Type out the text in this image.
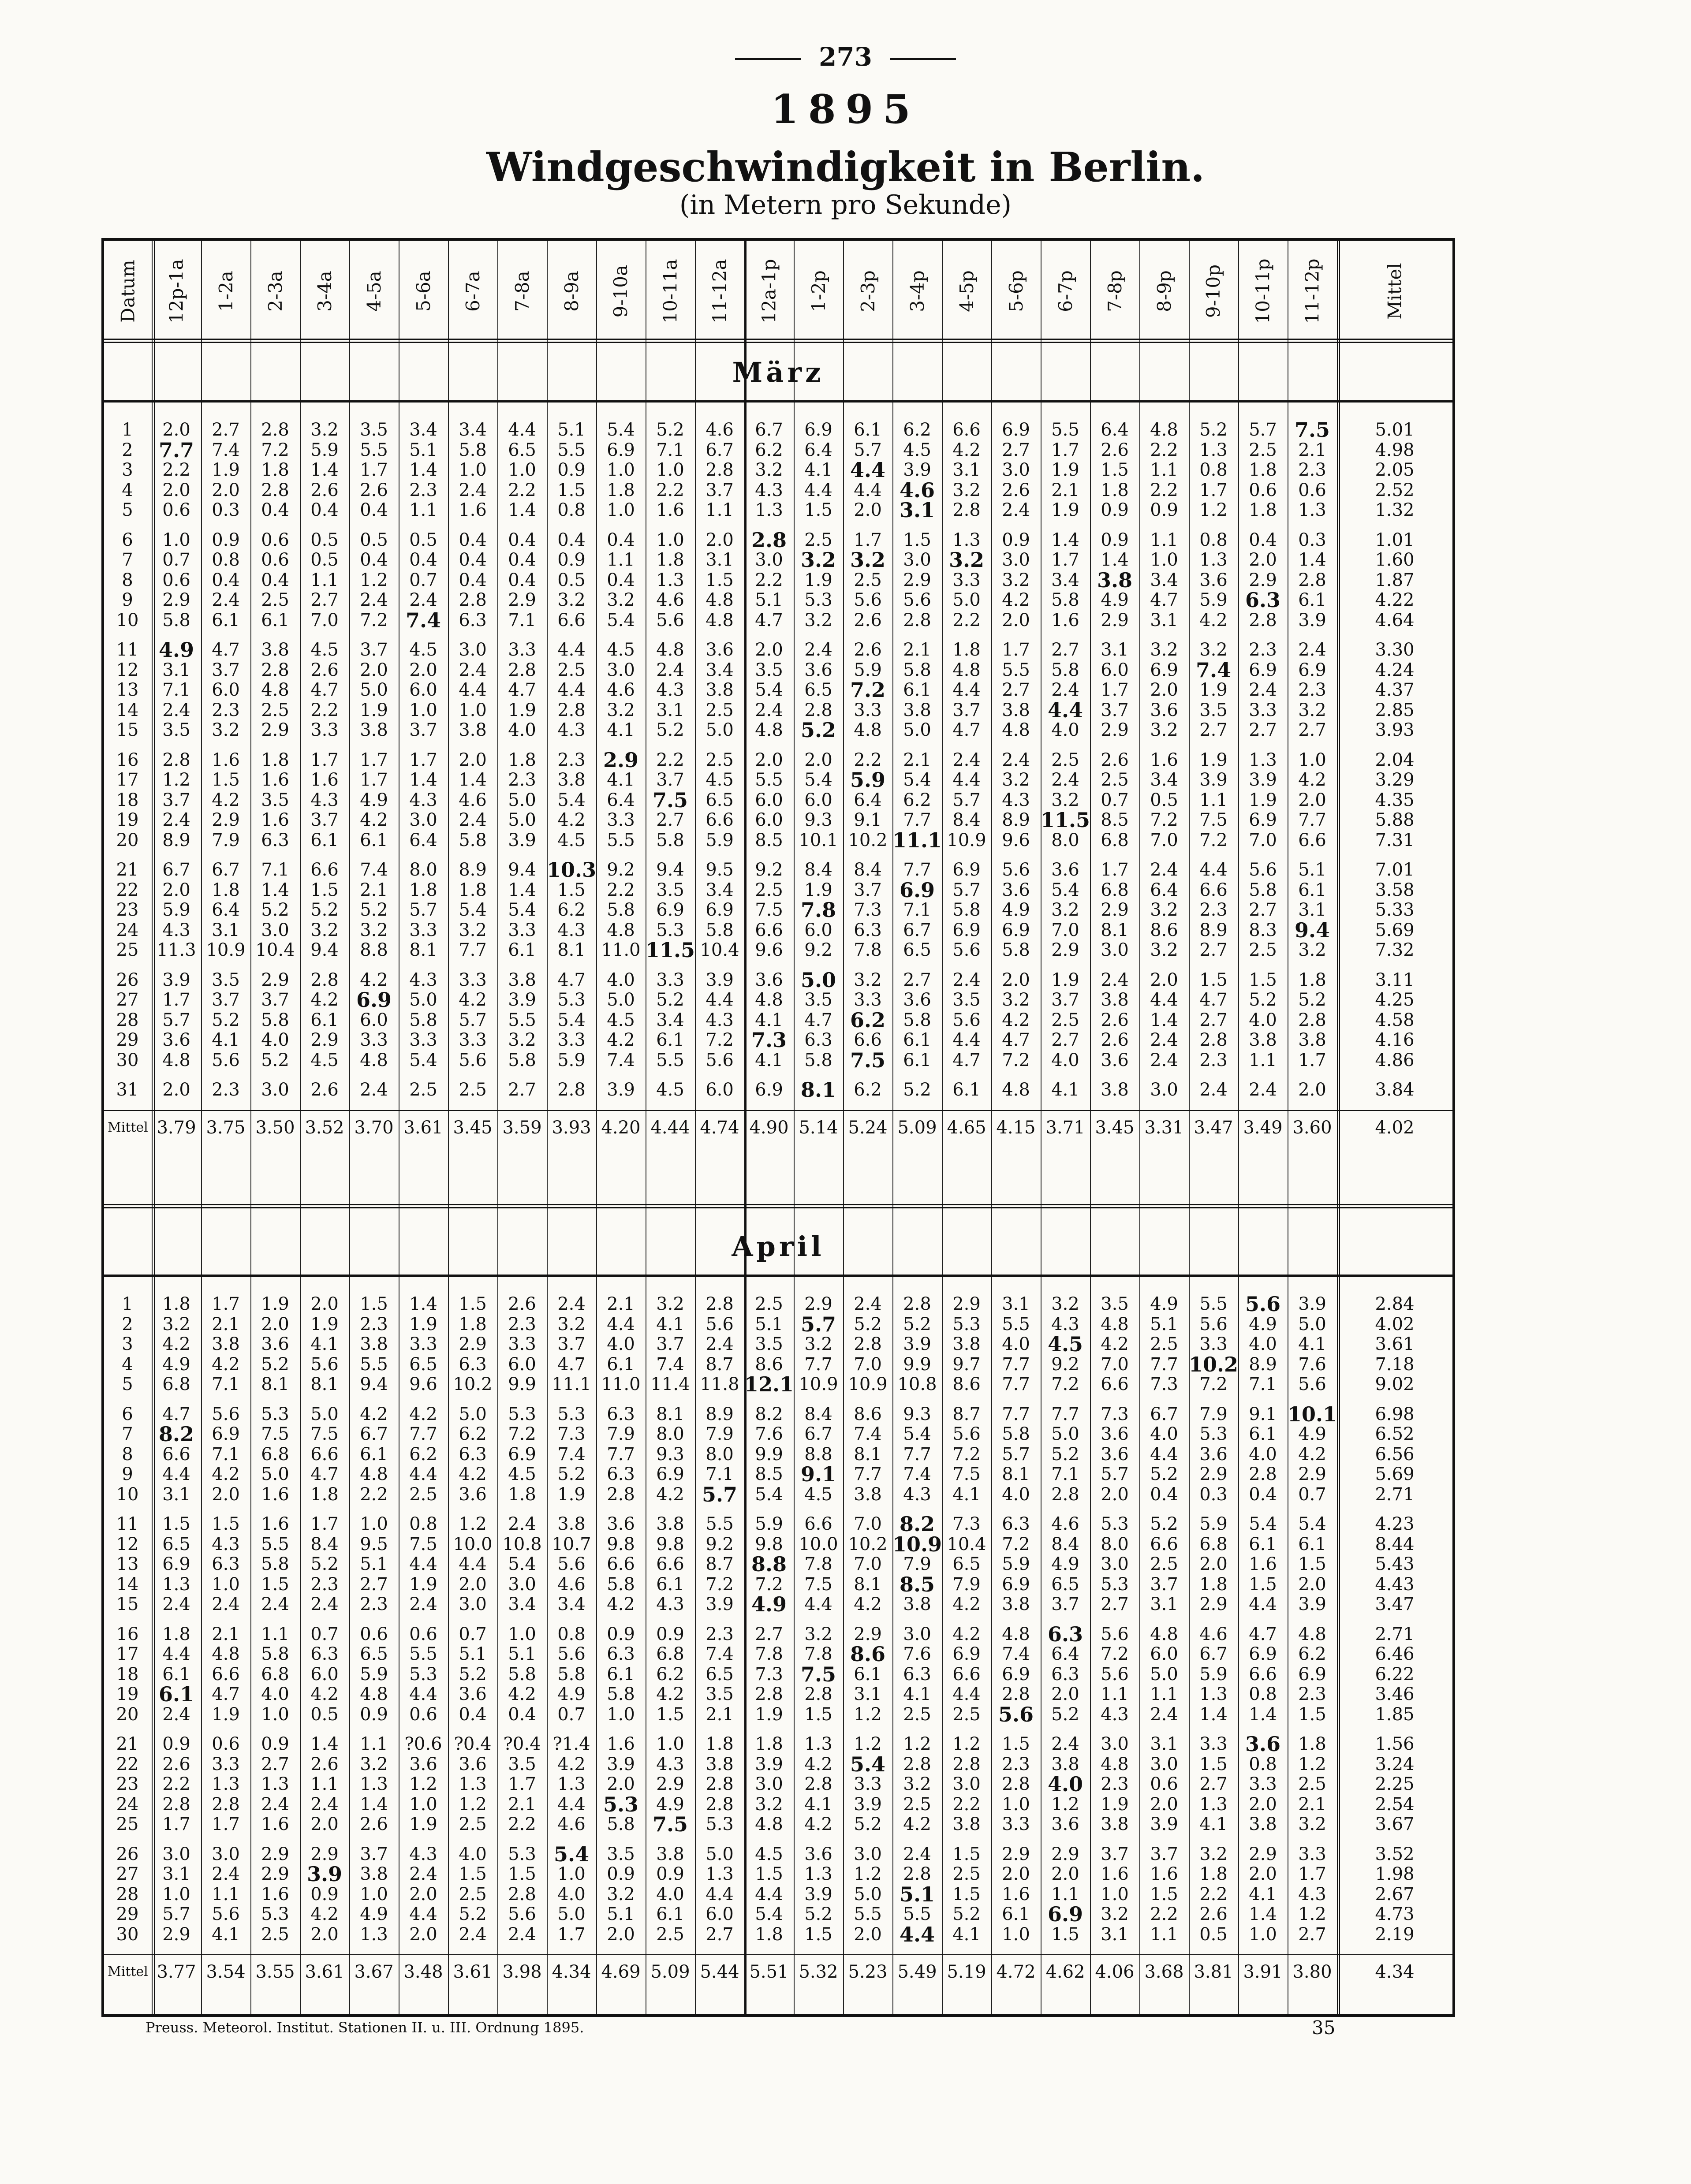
273
1895
Windgeschwindigkeit in Berlin.
(in Metern pro Sekunde)
Datum 12p-1a 1-2a 2-3a 3-4a 4-5a 5-6a 6-7a 7-8a 8-9a 9-10a 10-11a 11-12a 12a-1p 1-2p 2-3p 3-4p 4-5p 5-6p 6-7p 7-8p 8-9p 9-10p 10-11p 11-12p	Mittel
März
1	2.0	2.7	2.8	3.2	3.5	3.4	3.4	4.4	5.1	5.4	5.2	4.6	6.7	6.9	6.1	6.2	6.6	6.9	5.5	6.4	4.8	5.2	5.7 7.5	5.01
2	7.7	7.4	7.2	5.9	5.5	5.1	5.8	6.5	5.5	6.9	7.1	6.7	6.2	6.4	5.7	4.5	4.2	2.7	1.7	2.6	2.2	1.3	2.5	2.1	4.98
3	2.2	1.9	1.8	1.4	1.7	1.4	1.0	1.0	0.9	1.0	1.0	2.8	3.2	4.1 4.4	3.9	3.1	3.0	1.9	1.5	1.1	0.8	1.8	2.3	2.05
4	2.0	2.0	2.8	2.6	2.6	2.3	2.4	2.2	1.5	1.8	2.2	3.7	4.3	4.4	4.4 4.6	3.2	2.6	2.1	1.8	2.2	1.7	0.6	0.6	2.52
5	0.6	0.3	0.4	0.4	0.4	1.1	1.6	1.4	0.8	1.0	1.6	1.1	1.3	1.5	2.0 3.1	2.8	2.4	1.9	0.9	0.9	1.2	1.8	1.3	1.32
6	1.0	0.9	0.6	0.5	0.5	0.5	0.4	0.4	0.4	0.4	1.0	2.0 2.8	2.5	1.7	1.5	1.3	0.9	1.4	0.9	1.1	0.8	0.4	0.3	1.01
7	0.7	0.8	0.6	0.5	0.4	0.4	0.4	0.4	0.9	1.1	1.8	3.1	3.0 3.2 3.2	3.0 3.2	3.0	1.7	1.4	1.0	1.3	2.0	1.4	1.60
8	0.6	0.4	0.4	1.1	1.2	0.7	0.4	0.4	0.5	0.4	1.3	1.5	2.2	1.9	2.5	2.9	3.3	3.2	3.4 3.8	3.4	3.6	2.9	2.8	1.87
9	2.9	2.4	2.5	2.7	2.4	2.4	2.8	2.9	3.2	3.2	4.6	4.8	5.1	5.3	5.6	5.6	5.0	4.2	5.8	4.9	4.7	5.9 6.3	6.1	4.22
10	5.8	6.1	6.1	7.0	7.2 7.4	6.3	7.1	6.6	5.4	5.6	4.8	4.7	3.2	2.6	2.8	2.2	2.0	1.6	2.9	3.1	4.2	2.8	3.9	4.64
11 4.9	4.7	3.8	4.5	3.7	4.5	3.0	3.3	4.4	4.5	4.8	3.6	2.0	2.4	2.6	2.1	1.8	1.7	2.7	3.1	3.2	3.2	2.3	2.4	3.30
12	3.1	3.7	2.8	2.6	2.0	2.0	2.4	2.8	2.5	3.0	2.4	3.4	3.5	3.6	5.9	5.8	4.8	5.5	5.8	6.0	6.9 7.4	6.9	6.9	4.24
13	7.1	6.0	4.8	4.7	5.0	6.0	4.4	4.7	4.4	4.6	4.3	3.8	5.4	6.5 7.2	6.1	4.4	2.7	2.4	1.7	2.0	1.9	2.4	2.3	4.37
14	2.4	2.3	2.5	2.2	1.9	1.0	1.0	1.9	2.8	3.2	3.1	2.5	2.4	2.8	3.3	3.8	3.7	3.8 4.4	3.7	3.6	3.5	3.3	3.2	2.85
15	3.5	3.2	2.9	3.3	3.8	3.7	3.8	4.0	4.3	4.1	5.2	5.0	4.8 5.2	4.8	5.0	4.7	4.8	4.0	2.9	3.2	2.7	2.7	2.7	3.93
16	2.8	1.6	1.8	1.7	1.7	1.7	2.0	1.8	2.3 2.9	2.2	2.5	2.0	2.0	2.2	2.1	2.4	2.4	2.5	2.6	1.6	1.9	1.3	1.0	2.04
17	1.2	1.5	1.6	1.6	1.7	1.4	1.4	2.3	3.8	4.1	3.7	4.5	5.5	5.4 5.9	5.4	4.4	3.2	2.4	2.5	3.4	3.9	3.9	4.2	3.29
18	3.7	4.2	3.5	4.3	4.9	4.3	4.6	5.0	5.4	6.4 7.5	6.5	6.0	6.0	6.4	6.2	5.7	4.3	3.2	0.7	0.5	1.1	1.9	2.0	4.35
19	2.4	2.9	1.6	3.7	4.2	3.0	2.4	5.0	4.2	3.3	2.7	6.6	6.0	9.3	9.1	7.7	8.4	8.9 11.5 8.5	7.2	7.5	6.9	7.7	5.88
20	8.9	7.9	6.3	6.1	6.1	6.4	5.8	3.9	4.5	5.5	5.8	5.9	8.5 10.1 10.2 11.1 10.9 9.6	8.0	6.8	7.0	7.2	7.0	6.6	7.31
21	6.7	6.7	7.1	6.6	7.4	8.0	8.9	9.4 10.3 9.2	9.4	9.5	9.2	8.4	8.4	7.7	6.9	5.6	3.6	1.7	2.4	4.4	5.6	5.1	7.01
22	2.0	1.8	1.4	1.5	2.1	1.8	1.8	1.4	1.5	2.2	3.5	3.4	2.5	1.9	3.7 6.9	5.7	3.6	5.4	6.8	6.4	6.6	5.8	6.1	3.58
23	5.9	6.4	5.2	5.2	5.2	5.7	5.4	5.4	6.2	5.8	6.9	6.9	7.5 7.8	7.3	7.1	5.8	4.9	3.2	2.9	3.2	2.3	2.7	3.1	5.33
24	4.3	3.1	3.0	3.2	3.2	3.3	3.2	3.3	4.3	4.8	5.3	5.8	6.6	6.0	6.3	6.7	6.9	6.9	7.0	8.1	8.6	8.9	8.3 9.4	5.69
25 11.3 10.9 10.4 9.4	8.8	8.1	7.7	6.1	8.1 11.0 11.5 10.4 9.6	9.2	7.8	6.5	5.6	5.8	2.9	3.0	3.2	2.7	2.5	3.2	7.32
26	3.9	3.5	2.9	2.8	4.2	4.3	3.3	3.8	4.7	4.0	3.3	3.9	3.6 5.0	3.2	2.7	2.4	2.0	1.9	2.4	2.0	1.5	1.5	1.8	3.11
27	1.7	3.7	3.7	4.2 6.9	5.0	4.2	3.9	5.3	5.0	5.2	4.4	4.8	3.5	3.3	3.6	3.5	3.2	3.7	3.8	4.4	4.7	5.2	5.2	4.25
28	5.7	5.2	5.8	6.1	6.0	5.8	5.7	5.5	5.4	4.5	3.4	4.3	4.1	4.7 6.2	5.8	5.6	4.2	2.5	2.6	1.4	2.7	4.0	2.8	4.58
29	3.6	4.1	4.0	2.9	3.3	3.3	3.3	3.2	3.3	4.2	6.1	7.2 7.3	6.3	6.6	6.1	4.4	4.7	2.7	2.6	2.4	2.8	3.8	3.8	4.16
30	4.8	5.6	5.2	4.5	4.8	5.4	5.6	5.8	5.9	7.4	5.5	5.6	4.1	5.8 7.5	6.1	4.7	7.2	4.0	3.6	2.4	2.3	1.1	1.7	4.86
31	2.0	2.3	3.0	2.6	2.4	2.5	2.5	2.7	2.8	3.9	4.5	6.0	6.9 8.1	6.2	5.2	6.1	4.8	4.1	3.8	3.0	2.4	2.4	2.0	3.84
Mittel 3.79 3.75 3.50 3.52 3.70 3.61 3.45 3.59 3.93 4.20 4.44 4.74 4.90 5.14 5.24 5.09 4.65 4.15 3.71 3.45 3.31 3.47 3.49 3.60	4.02
April
1	1.8	1.7	1.9	2.0	1.5	1.4	1.5	2.6	2.4	2.1	3.2	2.8	2.5	2.9	2.4	2.8	2.9	3.1	3.2	3.5	4.9	5.5 5.6	3.9	2.84
2	3.2	2.1	2.0	1.9	2.3	1.9	1.8	2.3	3.2	4.4	4.1	5.6	5.1 5.7	5.2	5.2	5.3	5.5	4.3	4.8	5.1	5.6	4.9	5.0	4.02
3	4.2	3.8	3.6	4.1	3.8	3.3	2.9	3.3	3.7	4.0	3.7	2.4	3.5	3.2	2.8	3.9	3.8	4.0 4.5	4.2	2.5	3.3	4.0	4.1	3.61
4	4.9	4.2	5.2	5.6	5.5	6.5	6.3	6.0	4.7	6.1	7.4	8.7	8.6	7.7	7.0	9.9	9.7	7.7	9.2	7.0	7.7 10.2 8.9	7.6	7.18
5	6.8	7.1	8.1	8.1	9.4	9.6 10.2 9.9 11.1 11.0 11.4 11.8 12.1 10.9 10.9 10.8 8.6	7.7	7.2	6.6	7.3	7.2	7.1	5.6	9.02
6	4.7	5.6	5.3	5.0	4.2	4.2	5.0	5.3	5.3	6.3	8.1	8.9	8.2	8.4	8.6	9.3	8.7	7.7	7.7	7.3	6.7	7.9	9.1 10.1	6.98
7	8.2	6.9	7.5	7.5	6.7	7.7	6.2	7.2	7.3	7.9	8.0	7.9	7.6	6.7	7.4	5.4	5.6	5.8	5.0	3.6	4.0	5.3	6.1	4.9	6.52
8	6.6	7.1	6.8	6.6	6.1	6.2	6.3	6.9	7.4	7.7	9.3	8.0	9.9	8.8	8.1	7.7	7.2	5.7	5.2	3.6	4.4	3.6	4.0	4.2	6.56
9	4.4	4.2	5.0	4.7	4.8	4.4	4.2	4.5	5.2	6.3	6.9	7.1	8.5 9.1	7.7	7.4	7.5	8.1	7.1	5.7	5.2	2.9	2.8	2.9	5.69
10	3.1	2.0	1.6	1.8	2.2	2.5	3.6	1.8	1.9	2.8	4.2 5.7	5.4	4.5	3.8	4.3	4.1	4.0	2.8	2.0	0.4	0.3	0.4	0.7	2.71
11	1.5	1.5	1.6	1.7	1.0	0.8	1.2	2.4	3.8	3.6	3.8	5.5	5.9	6.6	7.0 8.2	7.3	6.3	4.6	5.3	5.2	5.9	5.4	5.4	4.23
12	6.5	4.3	5.5	8.4	9.5	7.5 10.0 10.8 10.7 9.8	9.8	9.2	9.8 10.0 10.2 10.9 10.4 7.2	8.4	8.0	6.6	6.8	6.1	6.1	8.44
13	6.9	6.3	5.8	5.2	5.1	4.4	4.4	5.4	5.6	6.6	6.6	8.7 8.8	7.8	7.0	7.9	6.5	5.9	4.9	3.0	2.5	2.0	1.6	1.5	5.43
14	1.3	1.0	1.5	2.3	2.7	1.9	2.0	3.0	4.6	5.8	6.1	7.2	7.2	7.5	8.1 8.5	7.9	6.9	6.5	5.3	3.7	1.8	1.5	2.0	4.43
15	2.4	2.4	2.4	2.4	2.3	2.4	3.0	3.4	3.4	4.2	4.3	3.9 4.9	4.4	4.2	3.8	4.2	3.8	3.7	2.7	3.1	2.9	4.4	3.9	3.47
16	1.8	2.1	1.1	0.7	0.6	0.6	0.7	1.0	0.8	0.9	0.9	2.3	2.7	3.2	2.9	3.0	4.2	4.8 6.3	5.6	4.8	4.6	4.7	4.8	2.71
17	4.4	4.8	5.8	6.3	6.5	5.5	5.1	5.1	5.6	6.3	6.8	7.4	7.8	7.8 8.6	7.6	6.9	7.4	6.4	7.2	6.0	6.7	6.9	6.2	6.46
18	6.1	6.6	6.8	6.0	5.9	5.3	5.2	5.8	5.8	6.1	6.2	6.5	7.3 7.5	6.1	6.3	6.6	6.9	6.3	5.6	5.0	5.9	6.6	6.9	6.22
19 6.1	4.7	4.0	4.2	4.8	4.4	3.6	4.2	4.9	5.8	4.2	3.5	2.8	2.8	3.1	4.1	4.4	2.8	2.0	1.1	1.1	1.3	0.8	2.3	3.46
20	2.4	1.9	1.0	0.5	0.9	0.6	0.4	0.4	0.7	1.0	1.5	2.1	1.9	1.5	1.2	2.5	2.5 5.6	5.2	4.3	2.4	1.4	1.4	1.5	1.85
21	0.9	0.6	0.9	1.4	1.1 ?0.6 ?0.4 ?0.4 ?1.4 1.6	1.0	1.8	1.8	1.3	1.2	1.2	1.2	1.5	2.4	3.0	3.1	3.3 3.6	1.8	1.56
22	2.6	3.3	2.7	2.6	3.2	3.6	3.6	3.5	4.2	3.9	4.3	3.8	3.9	4.2 5.4	2.8	2.8	2.3	3.8	4.8	3.0	1.5	0.8	1.2	3.24
23	2.2	1.3	1.3	1.1	1.3	1.2	1.3	1.7	1.3	2.0	2.9	2.8	3.0	2.8	3.3	3.2	3.0	2.8 4.0	2.3	0.6	2.7	3.3	2.5	2.25
24	2.8	2.8	2.4	2.4	1.4	1.0	1.2	2.1	4.4 5.3	4.9	2.8	3.2	4.1	3.9	2.5	2.2	1.0	1.2	1.9	2.0	1.3	2.0	2.1	2.54
25	1.7	1.7	1.6	2.0	2.6	1.9	2.5	2.2	4.6	5.8 7.5	5.3	4.8	4.2	5.2	4.2	3.8	3.3	3.6	3.8	3.9	4.1	3.8	3.2	3.67
26	3.0	3.0	2.9	2.9	3.7	4.3	4.0	5.3 5.4	3.5	3.8	5.0	4.5	3.6	3.0	2.4	1.5	2.9	2.9	3.7	3.7	3.2	2.9	3.3	3.52
27	3.1	2.4	2.9 3.9	3.8	2.4	1.5	1.5	1.0	0.9	0.9	1.3	1.5	1.3	1.2	2.8	2.5	2.0	2.0	1.6	1.6	1.8	2.0	1.7	1.98
28	1.0	1.1	1.6	0.9	1.0	2.0	2.5	2.8	4.0	3.2	4.0	4.4	4.4	3.9	5.0 5.1	1.5	1.6	1.1	1.0	1.5	2.2	4.1	4.3	2.67
29	5.7	5.6	5.3	4.2	4.9	4.4	5.2	5.6	5.0	5.1	6.1	6.0	5.4	5.2	5.5	5.5	5.2	6.1 6.9	3.2	2.2	2.6	1.4	1.2	4.73
30	2.9	4.1	2.5	2.0	1.3	2.0	2.4	2.4	1.7	2.0	2.5	2.7	1.8	1.5	2.0 4.4	4.1	1.0	1.5	3.1	1.1	0.5	1.0	2.7	2.19
Mittel 3.77 3.54 3.55 3.61 3.67 3.48 3.61 3.98 4.34 4.69 5.09 5.44 5.51 5.32 5.23 5.49 5.19 4.72 4.62 4.06 3.68 3.81 3.91 3.80	4.34
Preuss. Meteorol. Institut. Stationen II. u. III. Ordnung 1895.	35
